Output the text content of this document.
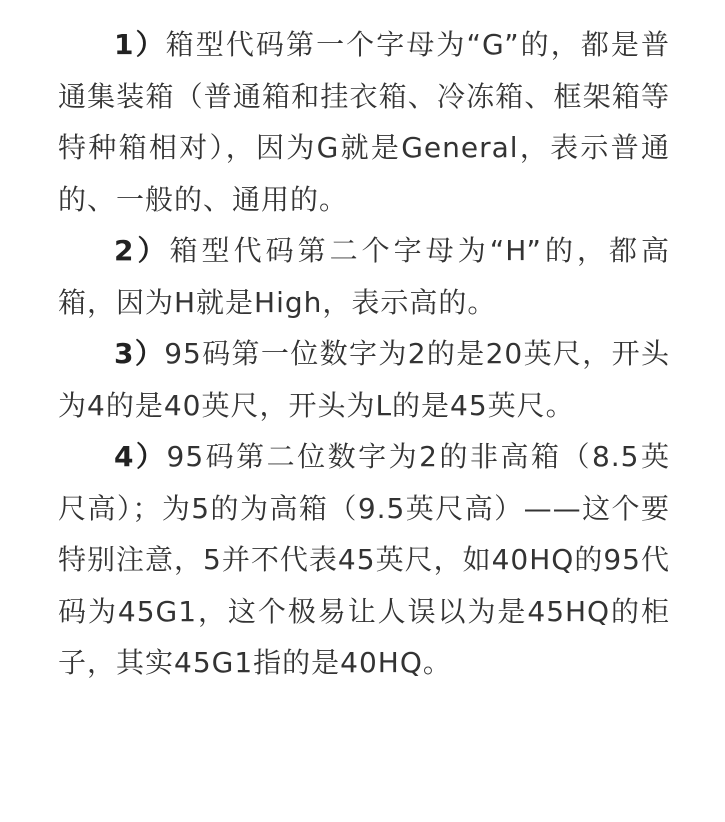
1）箱型代码第一个字母为“G”的，都是普通集装箱（普通箱和挂衣箱、冷冻箱、框架箱等特种箱相对），因为G就是General，表示普通的、一般的、通用的。

2）箱型代码第二个字母为“H”的，都高箱，因为H就是High，表示高的。

3）95码第一位数字为2的是20英尺，开头为4的是40英尺，开头为L的是45英尺。

4）95码第二位数字为2的非高箱（8.5英尺高）；为5的为高箱（9.5英尺高）——这个要特别注意，5并不代表45英尺，如40HQ的95代码为45G1，这个极易让人误以为是45HQ的柜子，其实45G1指的是40HQ。
